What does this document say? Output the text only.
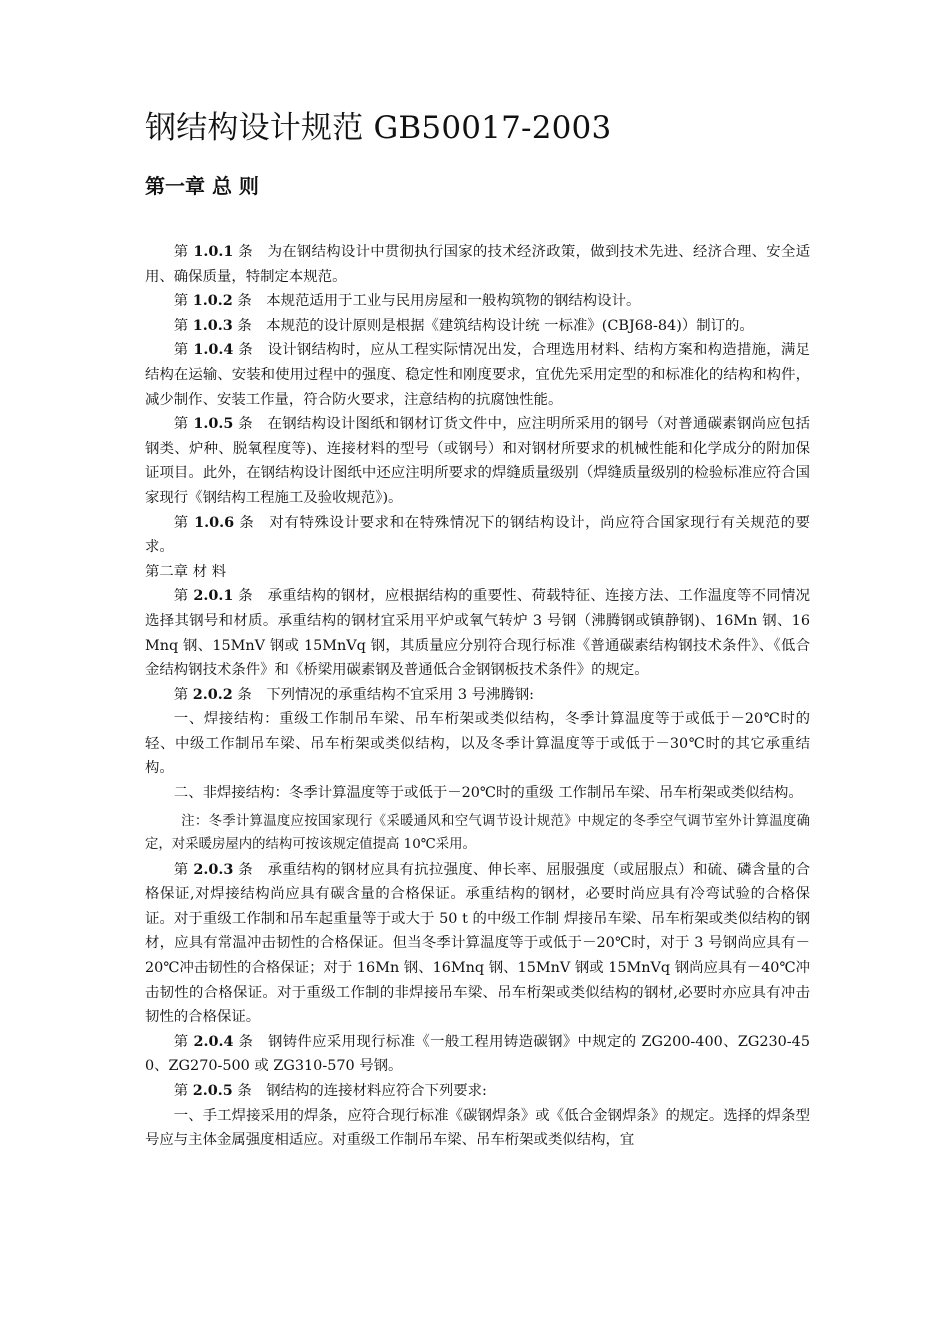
钢结构设计规范 GB50017-2003
第一章 总 则

第 1.0.1 条  为在钢结构设计中贯彻执行国家的技术经济政策，做到技术先进、经济合理、安全适用、确保质量，特制定本规范。

第 1.0.2 条  本规范适用于工业与民用房屋和一般构筑物的钢结构设计。

第 1.0.3 条  本规范的设计原则是根据《建筑结构设计统 一标准》(CBJ68-84)）制订的。

第 1.0.4 条  设计钢结构时，应从工程实际情况出发，合理选用材料、结构方案和构造措施，满足结构在运输、安装和使用过程中的强度、稳定性和刚度要求，宜优先采用定型的和标准化的结构和构件，减少制作、安装工作量，符合防火要求，注意结构的抗腐蚀性能。

第 1.0.5 条  在钢结构设计图纸和钢材订货文件中，应注明所采用的钢号（对普通碳素钢尚应包括钢类、炉种、脱氧程度等)、连接材料的型号（或钢号）和对钢材所要求的机械性能和化学成分的附加保证项目。此外，在钢结构设计图纸中还应注明所要求的焊缝质量级别（焊缝质量级别的检验标准应符合国家现行《钢结构工程施工及验收规范》)。

第 1.0.6 条  对有特殊设计要求和在特殊情况下的钢结构设计，尚应符合国家现行有关规范的要求。

第二章 材 料

第 2.0.1 条  承重结构的钢材，应根据结构的重要性、荷载特征、连接方法、工作温度等不同情况选择其钢号和材质。承重结构的钢材宜采用平炉或氧气转炉 3 号钢（沸腾钢或镇静钢)、16Mn 钢、16Mnq 钢、15MnV 钢或 15MnVq 钢，其质量应分别符合现行标准《普通碳素结构钢技术条件》、《低合金结构钢技术条件》和《桥梁用碳素钢及普通低合金钢钢板技术条件》的规定。

第 2.0.2 条  下列情况的承重结构不宜采用 3 号沸腾钢:

一、焊接结构：重级工作制吊车梁、吊车桁架或类似结构，冬季计算温度等于或低于－20℃时的轻、中级工作制吊车梁、吊车桁架或类似结构，以及冬季计算温度等于或低于－30℃时的其它承重结构。

二、非焊接结构：冬季计算温度等于或低于－20℃时的重级 工作制吊车梁、吊车桁架或类似结构。

注：冬季计算温度应按国家现行《采暖通风和空气调节设计规范》中规定的冬季空气调节室外计算温度确定，对采暖房屋内的结构可按该规定值提高 10℃采用。

第 2.0.3 条  承重结构的钢材应具有抗拉强度、伸长率、屈服强度（或屈服点）和硫、磷含量的合格保证,对焊接结构尚应具有碳含量的合格保证。承重结构的钢材，必要时尚应具有冷弯试验的合格保证。对于重级工作制和吊车起重量等于或大于 50 t 的中级工作制 焊接吊车梁、吊车桁架或类似结构的钢材，应具有常温冲击韧性的合格保证。但当冬季计算温度等于或低于－20℃时，对于 3 号钢尚应具有－20℃冲击韧性的合格保证；对于 16Mn 钢、16Mnq 钢、15MnV 钢或 15MnVq 钢尚应具有－40℃冲击韧性的合格保证。对于重级工作制的非焊接吊车梁、吊车桁架或类似结构的钢材,必要时亦应具有冲击韧性的合格保证。

第 2.0.4 条  钢铸件应采用现行标准《一般工程用铸造碳钢》中规定的 ZG200-400、ZG230-450、ZG270-500 或 ZG310-570 号钢。

第 2.0.5 条  钢结构的连接材料应符合下列要求:

一、手工焊接采用的焊条，应符合现行标准《碳钢焊条》或《低合金钢焊条》的规定。选择的焊条型号应与主体金属强度相适应。对重级工作制吊车梁、吊车桁架或类似结构，宜
